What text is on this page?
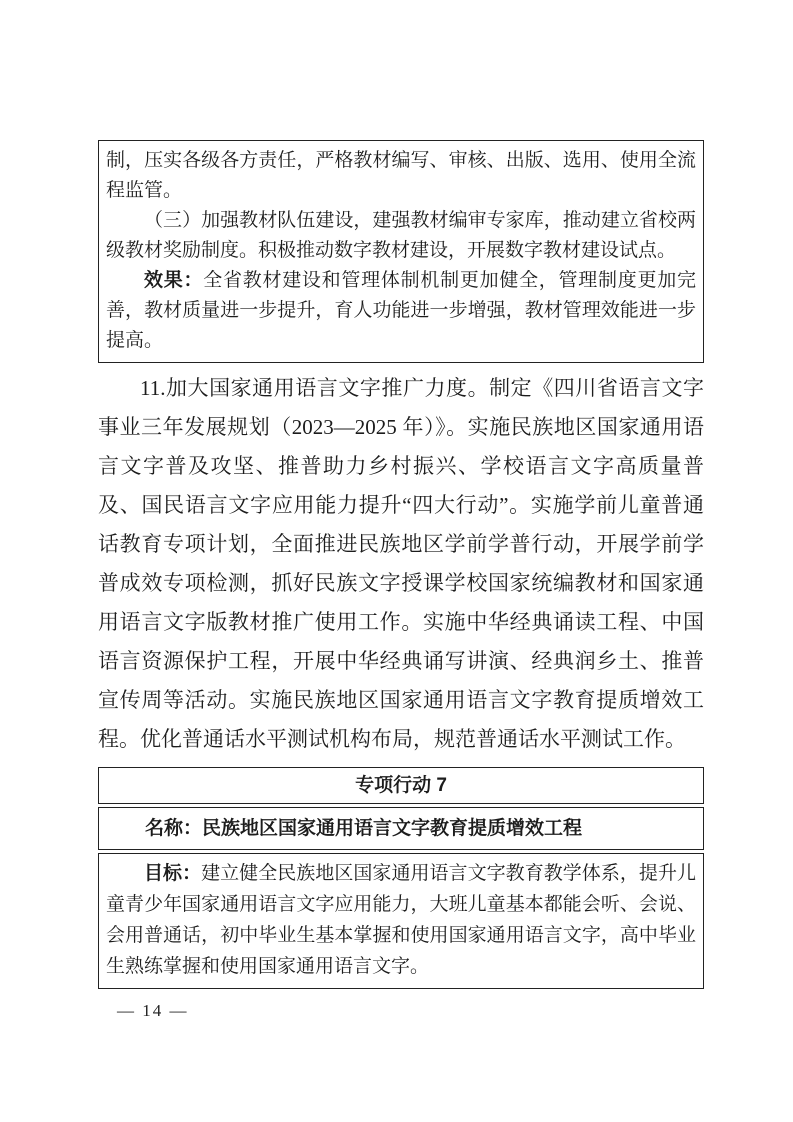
制，压实各级各方责任，严格教材编写、审核、出版、选用、使用全流程监管。

（三）加强教材队伍建设，建强教材编审专家库，推动建立省校两级教材奖励制度。积极推动数字教材建设，开展数字教材建设试点。

效果：全省教材建设和管理体制机制更加健全，管理制度更加完善，教材质量进一步提升，育人功能进一步增强，教材管理效能进一步提高。

11.加大国家通用语言文字推广力度。制定《四川省语言文字事业三年发展规划（2023—2025 年）》。实施民族地区国家通用语言文字普及攻坚、推普助力乡村振兴、学校语言文字高质量普及、国民语言文字应用能力提升“四大行动”。实施学前儿童普通话教育专项计划，全面推进民族地区学前学普行动，开展学前学普成效专项检测，抓好民族文字授课学校国家统编教材和国家通用语言文字版教材推广使用工作。实施中华经典诵读工程、中国语言资源保护工程，开展中华经典诵写讲演、经典润乡土、推普宣传周等活动。实施民族地区国家通用语言文字教育提质增效工程。优化普通话水平测试机构布局，规范普通话水平测试工作。

专项行动 7
名称：民族地区国家通用语言文字教育提质增效工程
目标：建立健全民族地区国家通用语言文字教育教学体系，提升儿童青少年国家通用语言文字应用能力，大班儿童基本都能会听、会说、会用普通话，初中毕业生基本掌握和使用国家通用语言文字，高中毕业生熟练掌握和使用国家通用语言文字。
— 14 —
